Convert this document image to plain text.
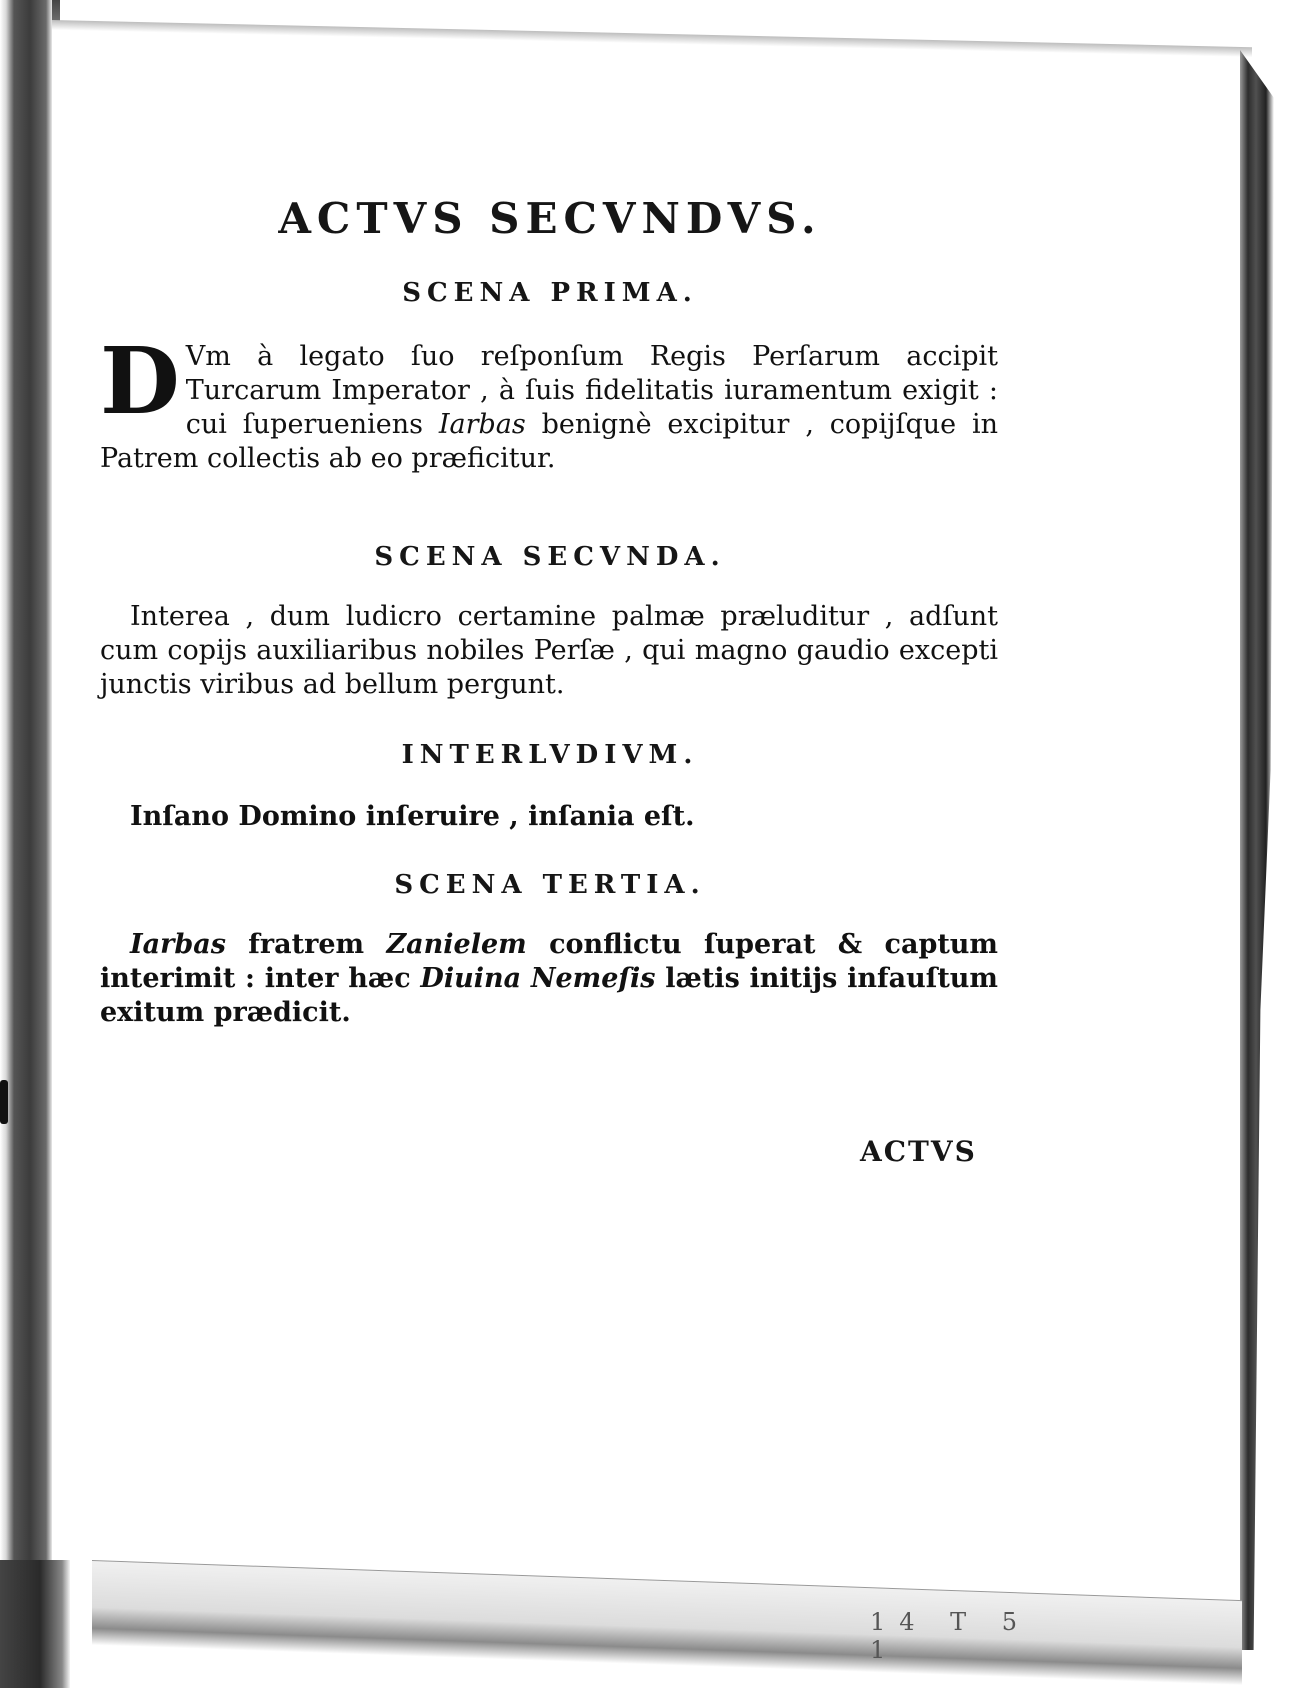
14 T 5 1
ACTVS SECVNDVS.
SCENA PRIMA.
D Vm à legato ſuo reſponſum Regis Perſarum accipit Turcarum Imperator , à ſuis fidelitatis iuramentum exigit : cui ſuperueniens Iarbas benignè excipitur , copijſque in Patrem collectis ab eo præficitur.
SCENA SECVNDA.
Interea , dum ludicro certamine palmæ præluditur , adſunt cum copijs auxiliaribus nobiles Perſæ , qui magno gaudio excepti junctis viribus ad bellum pergunt.
INTERLVDIVM.
Inſano Domino inſeruire , inſania eſt.
SCENA TERTIA.
Iarbas fratrem Zanielem conflictu ſuperat & captum interimit : inter hæc Diuina Nemeſis lætis initijs infauſtum exitum prædicit.
ACTVS
